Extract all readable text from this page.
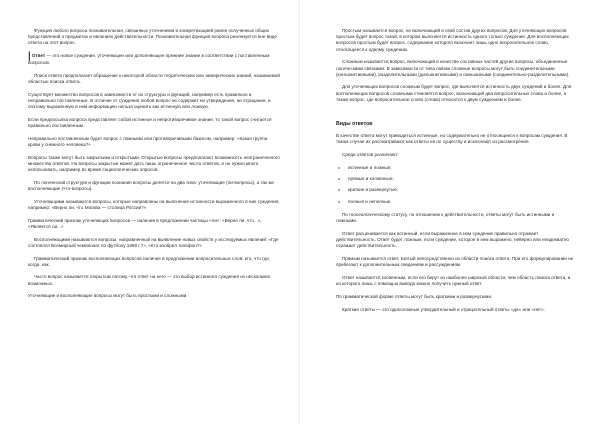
Функция любого вопроса познавательная, связанных уточнением и конкретизацией ранее полученных общих представлений о предметах и явлениях действительности. Познавательная функция вопроса реализуется вне виде ответа на этот вопрос.

|Ответ — это новое суждение, уточняющее или дополняющее прежние знание в соответствии с поставленным вопросом.

Поиск ответа предполагает обращение к некоторой области теоретических или эмпирических знаний, называемой областью поиска ответа.

Существует множество вопросов в зависимости от их структуры и функций, например есть правильно и неправильно поставленные. В отличие от суждения любой вопрос не содержит ни утверждения, ни отрицания, и поэтому выраженную в нем информацию нельзя оценить как истинную или ложную.

Если предпосылка вопроса представляет собой истинное и непротиворечивое знание, то такой вопрос считается правильно поставленным.

Неправильно поставленным будет вопрос с ложными или противоречивыми базисом, например: «Какая группа крови у снежного человека?»

Вопросы также могут быть закрытыми и открытыми. Открытые вопросы предполагают возможность неограниченного множества ответов. На вопросы закрытые может дать лишь ограниченное число ответов, и не нужно много использовать, например во время социологических опросов.

По логической структуре и функции познания вопросы делятся на два типа: уточняющие (ли-вопросы), а так же восполняющие (что-вопросы).

Уточняющими называются вопросы, которые направлены на выяснение истинности выраженного в них суждения, например: «Верно ли, что Москва — столица России?»

Грамматический признак уточняющих вопросов — наличие в предложении частицы «ли»: «Верно ли, что...», «Является ли...»

Восполняющими называются вопросы, направленный на выявление новых свойств у исследуемых явлений: «Где состоялся Всемирный чемпионат по футболу 1998 г.?», «Кто изобрел телефон?»

Грамматический признак восполняющих вопросов наличие в предложении вопросительных слов: кто, что где, когда, как.

Часто вопрос называется открытым потому, что ответ на него — это выбор истинного суждения из нескольких возможных.

Уточняющие и восполняющие вопросы могут быть простыми и сложными.

Простым называется вопрос, не включающий в свой состав других вопросов. Для уточняющих вопросов простым будет вопрос такой, в котором выясняется истинность одного только суждения. Для восполняющих вопросов простым будет вопрос, содержание которого включает лишь одно вопросительное слово, относящееся к одному суждению.

Сложным называется вопрос, включающий в качестве составных частей другие вопросы, объединенные логическими связками. В зависимости от типа связки сложные вопросы могут быть соединительными (конъюнктивными), разделительными (дизъюнктивными) и смешанными (соединительно-разделительными).

Для уточняющих вопросов сложным будет вопрос, где выясняется истинность двух суждений и более. Для восполняющих вопросов сложными становятся вопрос, включающий два вопросительных слова и более, а также вопрос, где вопросительное слово (слова) относится к двум суждениям и более.

Виды ответов

В качестве ответа могут приводиться истинные, но содержательно не относящиеся к вопросам суждения. В таком случае их рассматривают как ответы не по существу и исключают из рассмотрения.

Среди ответов различают:

o истинные и ложные;
o прямые и косвенные;
o краткие и развернутые;
o полные и неполные.

По гносеологическому статусу, по отношению к действительности, ответы могут быть истинными и ложными.

Ответ расценивается как истинный, если выраженное в нем суждение правильно отражает действительность. Ответ будет ложным, если суждение, которое в нем выражено, неверно или неадекватно отражает действительность.

Прямым называется ответ, взятый непосредственно из области поиска ответа. При его формулировании не прибегают к дополнительным сведениям и рассуждениям.

Ответ называется косвенным, если его берут из наиболее широкой области, чем область поиска ответа, и из которого лишь с помощью вывода можно получить нужный ответ.

По грамматической форме ответы могут быть краткими и развернутыми.

Краткие ответы — это односложные утвердительный и отрицательный ответы «да» или «нет».
